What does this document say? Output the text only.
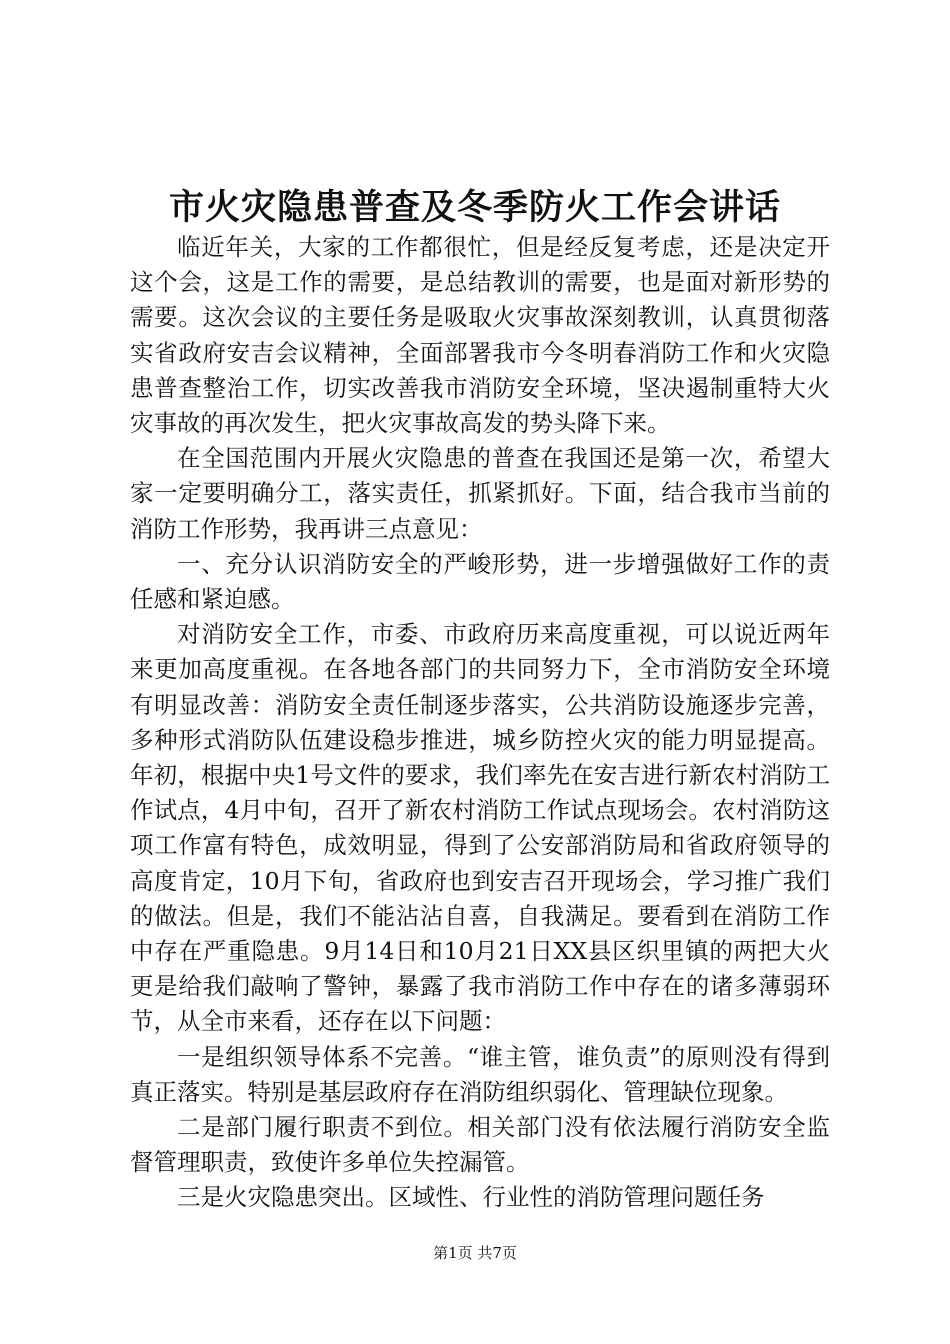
市火灾隐患普查及冬季防火工作会讲话

临近年关，大家的工作都很忙，但是经反复考虑，还是决定开这个会，这是工作的需要，是总结教训的需要，也是面对新形势的需要。这次会议的主要任务是吸取火灾事故深刻教训，认真贯彻落实省政府安吉会议精神，全面部署我市今冬明春消防工作和火灾隐患普查整治工作，切实改善我市消防安全环境，坚决遏制重特大火灾事故的再次发生，把火灾事故高发的势头降下来。

在全国范围内开展火灾隐患的普查在我国还是第一次，希望大家一定要明确分工，落实责任，抓紧抓好。下面，结合我市当前的消防工作形势，我再讲三点意见：

一、充分认识消防安全的严峻形势，进一步增强做好工作的责任感和紧迫感。

对消防安全工作，市委、市政府历来高度重视，可以说近两年来更加高度重视。在各地各部门的共同努力下，全市消防安全环境有明显改善：消防安全责任制逐步落实，公共消防设施逐步完善，多种形式消防队伍建设稳步推进，城乡防控火灾的能力明显提高。年初，根据中央1号文件的要求，我们率先在安吉进行新农村消防工作试点，4月中旬，召开了新农村消防工作试点现场会。农村消防这项工作富有特色，成效明显，得到了公安部消防局和省政府领导的高度肯定，10月下旬，省政府也到安吉召开现场会，学习推广我们的做法。但是，我们不能沾沾自喜，自我满足。要看到在消防工作中存在严重隐患。9月14日和10月21日XX县区织里镇的两把大火更是给我们敲响了警钟，暴露了我市消防工作中存在的诸多薄弱环节，从全市来看，还存在以下问题：

一是组织领导体系不完善。“谁主管，谁负责”的原则没有得到真正落实。特别是基层政府存在消防组织弱化、管理缺位现象。

二是部门履行职责不到位。相关部门没有依法履行消防安全监督管理职责，致使许多单位失控漏管。

三是火灾隐患突出。区域性、行业性的消防管理问题任务

第1页 共7页
